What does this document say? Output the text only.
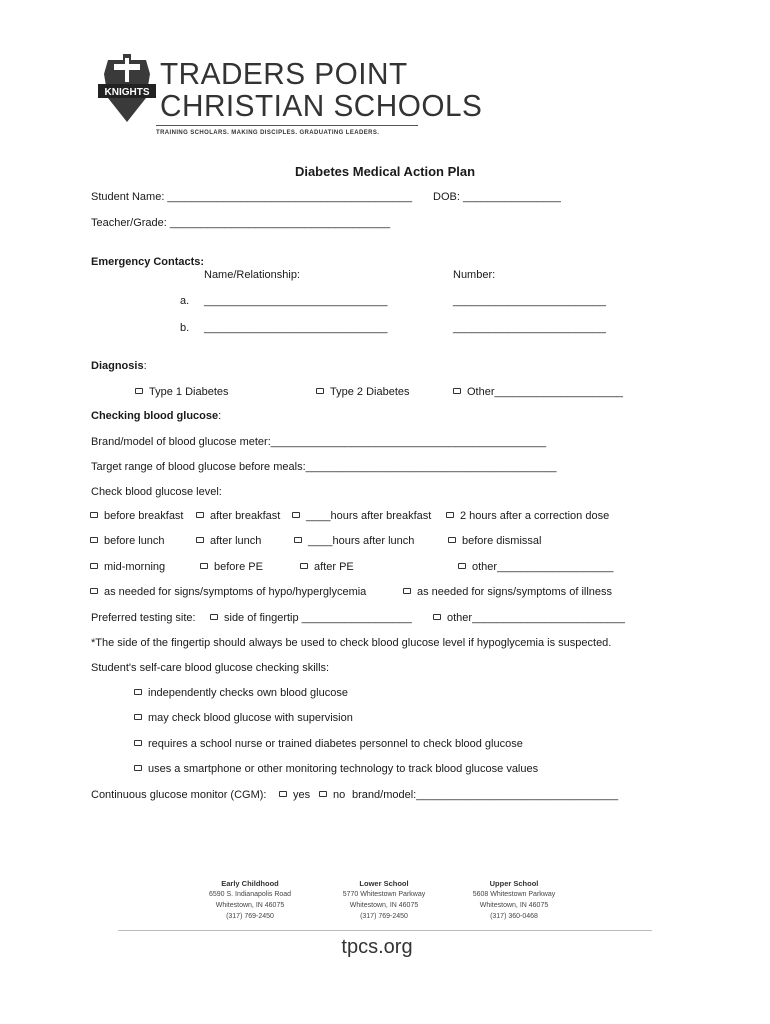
KNIGHTS
TRADERS POINT
CHRISTIAN SCHOOLS
TRAINING SCHOLARS. MAKING DISCIPLES. GRADUATING LEADERS.
Diabetes Medical Action Plan
Student Name: ________________________________________ DOB: ________________
Teacher/Grade: ____________________________________
Emergency Contacts:
Name/Relationship:	Number:
a. ______________________________	_________________________
b. ______________________________	_________________________
Diagnosis:
Type 1 Diabetes	Type 2 Diabetes	Other_____________________
Checking blood glucose:
Brand/model of blood glucose meter:_____________________________________________
Target range of blood glucose before meals:_________________________________________
Check blood glucose level:
before breakfast	after breakfast	____hours after breakfast	2 hours after a correction dose
before lunch	after lunch	____hours after lunch	before dismissal
mid-morning	before PE	after PE	other___________________
as needed for signs/symptoms of hypo/hyperglycemia	as needed for signs/symptoms of illness
Preferred testing site:	side of fingertip __________________	other_________________________
*The side of the fingertip should always be used to check blood glucose level if hypoglycemia is suspected.
Student's self-care blood glucose checking skills:
independently checks own blood glucose
may check blood glucose with supervision
requires a school nurse or trained diabetes personnel to check blood glucose
uses a smartphone or other monitoring technology to track blood glucose values
Continuous glucose monitor (CGM):	yes	no brand/model:_________________________________
Early Childhood
6590 S. Indianapolis Road
Whitestown, IN 46075
(317) 769-2450
Lower School
5770 Whitestown Parkway
Whitestown, IN 46075
(317) 769-2450
Upper School
5608 Whitestown Parkway
Whitestown, IN 46075
(317) 360-0468
tpcs.org
